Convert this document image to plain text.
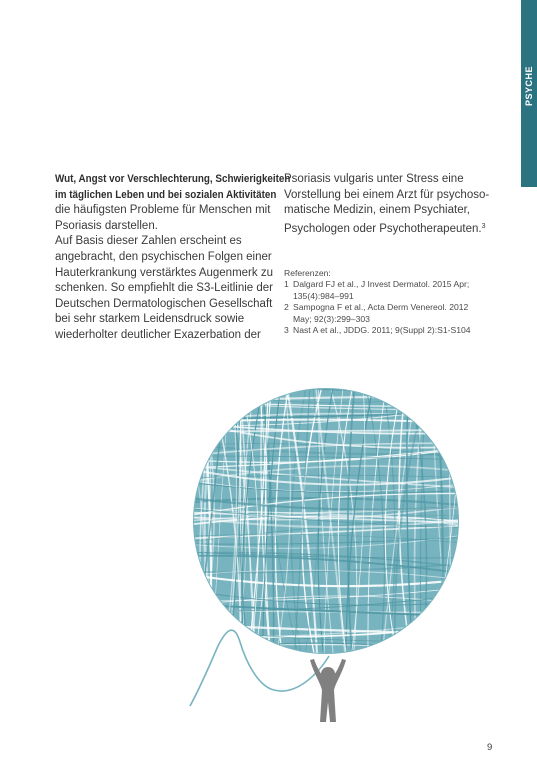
PSYCHE
Wut, Angst vor Verschlechterung, Schwierigkeiten
im täglichen Leben und bei sozialen Aktivitäten
die häufigsten Probleme für Menschen mit
Psoriasis darstellen.
Auf Basis dieser Zahlen erscheint es
angebracht, den psychischen Folgen einer
Hauterkrankung verstärktes Augenmerk zu
schenken. So empfiehlt die S3-Leitlinie der
Deutschen Dermatologischen Gesellschaft
bei sehr starkem Leidensdruck sowie
wiederholter deutlicher Exazerbation der
Psoriasis vulgaris unter Stress eine
Vorstellung bei einem Arzt für psychoso-
matische Medizin, einem Psychiater,
Psychologen oder Psychotherapeuten.$^3$
Referenzen:
1 Dalgard FJ et al., J Invest Dermatol. 2015 Apr;
135(4):984–991
2 Sampogna F et al., Acta Derm Venereol. 2012
May; 92(3):299–303
3 Nast A et al., JDDG. 2011; 9(Suppl 2):S1-S104
9
